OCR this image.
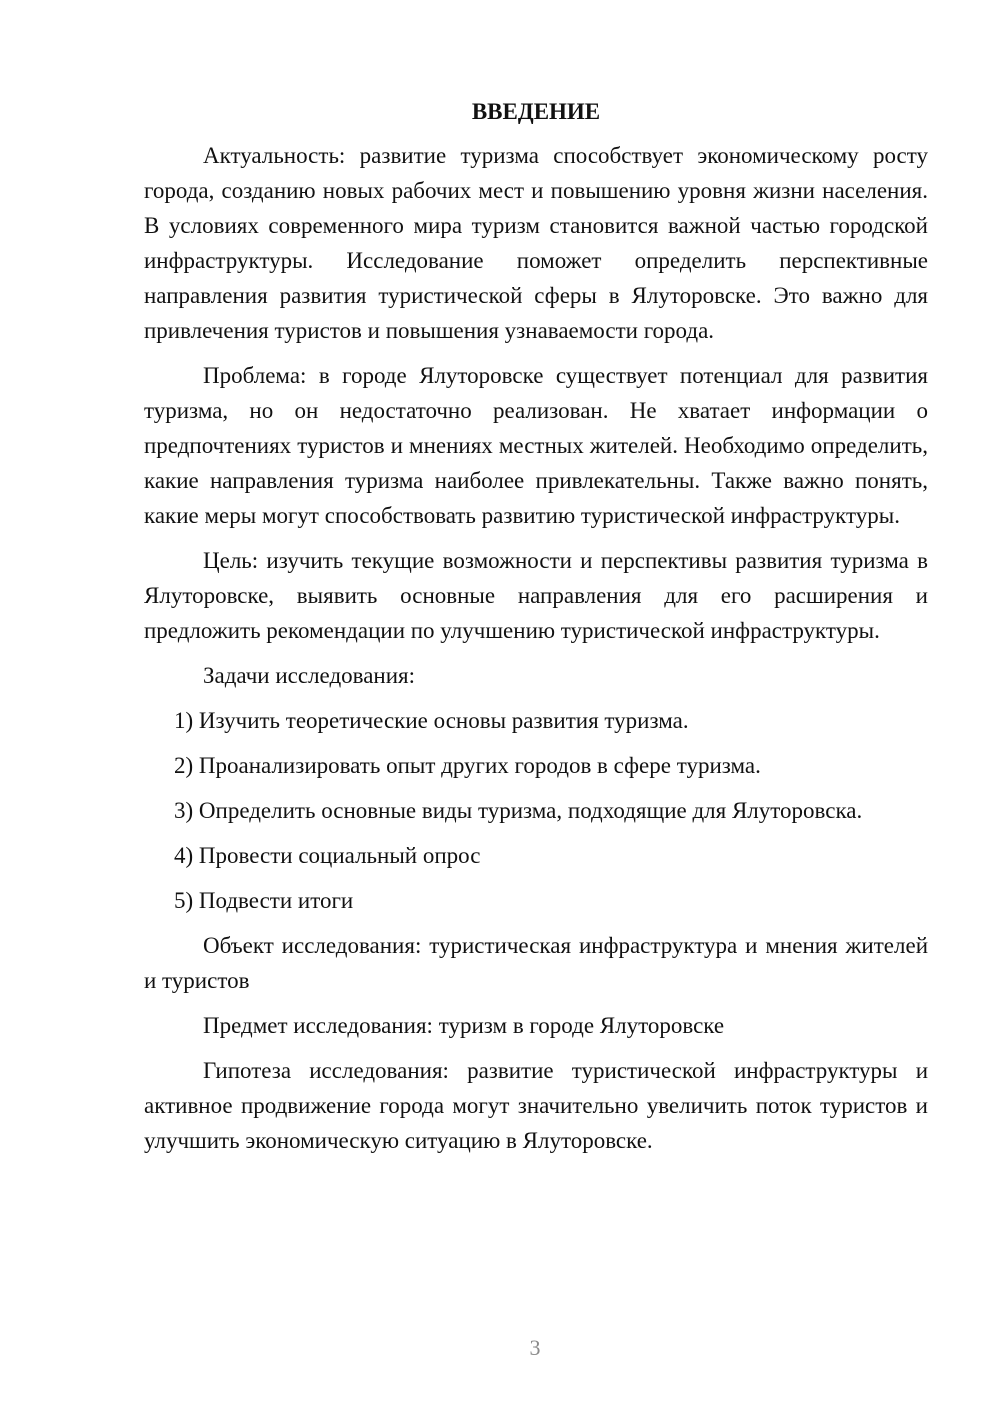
ВВЕДЕНИЕ

Актуальность: развитие туризма способствует экономическому росту города, созданию новых рабочих мест и повышению уровня жизни населения. В условиях современного мира туризм становится важной частью городской инфраструктуры. Исследование поможет определить перспективные направления развития туристической сферы в Ялуторовске. Это важно для привлечения туристов и повышения узнаваемости города.

Проблема: в городе Ялуторовске существует потенциал для развития туризма, но он недостаточно реализован. Не хватает информации о предпочтениях туристов и мнениях местных жителей. Необходимо определить, какие направления туризма наиболее привлекательны. Также важно понять, какие меры могут способствовать развитию туристической инфраструктуры.

Цель: изучить текущие возможности и перспективы развития туризма в Ялуторовске, выявить основные направления для его расширения и предложить рекомендации по улучшению туристической инфраструктуры.

Задачи исследования:

1) Изучить теоретические основы развития туризма.
2) Проанализировать опыт других городов в сфере туризма.
3) Определить основные виды туризма, подходящие для Ялуторовска.
4) Провести социальный опрос
5) Подвести итоги

Объект исследования: туристическая инфраструктура и мнения жителей и туристов

Предмет исследования: туризм в городе Ялуторовске

Гипотеза исследования: развитие туристической инфраструктуры и активное продвижение города могут значительно увеличить поток туристов и улучшить экономическую ситуацию в Ялуторовске.

3
